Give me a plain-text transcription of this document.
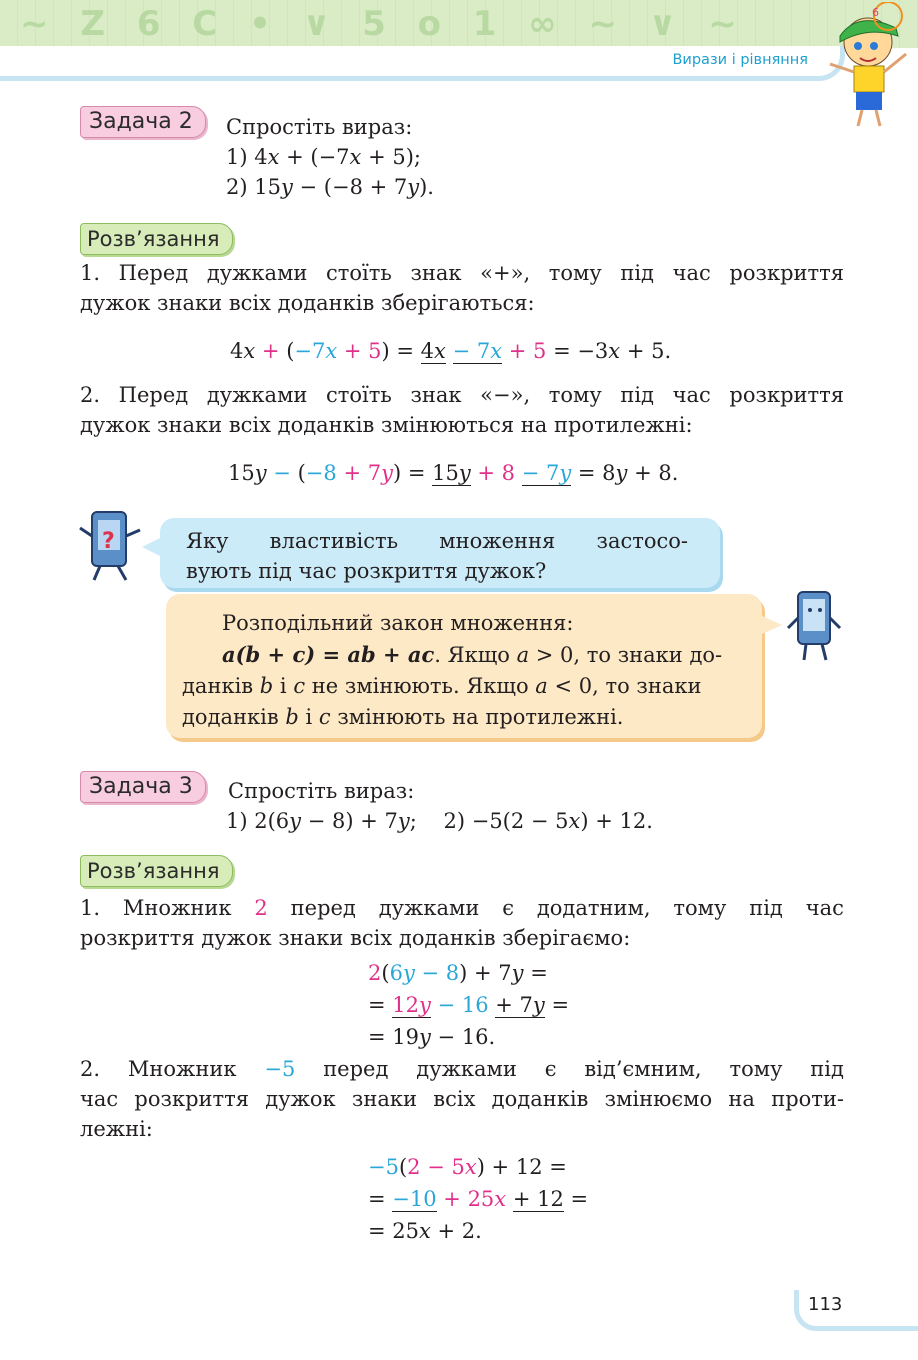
~ Z 6 C • ∨ 5 o 1 ∞ ~ ∨ ~
Вирази і рівняння
6
Задача 2	Спростіть вираз:
1) 4x + (−7x + 5);
2) 15y − (−8 + 7y).
Розв’язання
1. Перед дужками стоїть знак «+», тому під час розкриття
дужок знаки всіх доданків зберігаються:
4x + (−7x + 5) = 4x − 7x + 5 = −3x + 5.
2. Перед дужками стоїть знак «−», тому під час розкриття
дужок знаки всіх доданків змінюються на протилежні:
15y − (−8 + 7y) = 15y + 8 − 7y = 8y + 8.
?	Яку властивість множення застосо-
вують під час розкриття дужок?
Розподільний закон множення:
a(b + c) = ab + ac. Якщо a > 0, то знаки до-
данків b і c не змінюють. Якщо a < 0, то знаки
доданків b і c змінюють на протилежні.
Задача 3	Спростіть вираз:
1) 2(6y − 8) + 7y;    2) −5(2 − 5x) + 12.
Розв’язання
1. Множник 2 перед дужками є додатним, тому під час
розкриття дужок знаки всіх доданків зберігаємо:
2(6y − 8) + 7y =
= 12y − 16 + 7y =
= 19y − 16.
2. Множник −5 перед дужками є від’ємним, тому під
час розкриття дужок знаки всіх доданків змінюємо на проти-
лежні:
−5(2 − 5x) + 12 =
= −10 + 25x + 12 =
= 25x + 2.
113
